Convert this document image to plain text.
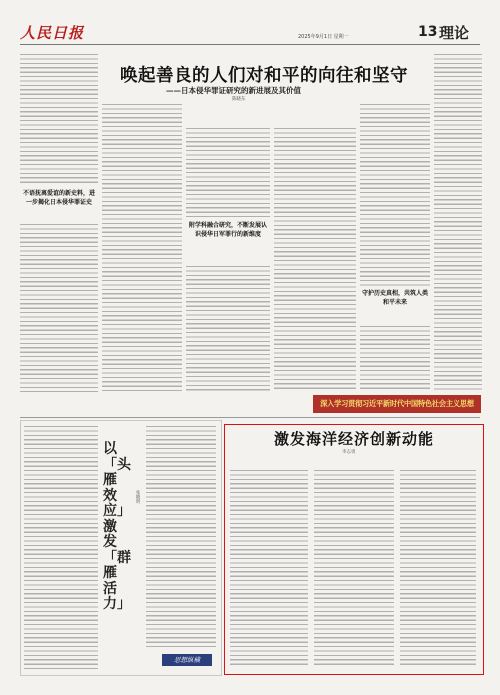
人民日报	2025年9月1日 星期一	13 理论
唤起善良的人们对和平的向往和坚守
——日本侵华罪证研究的新进展及其价值
陈晓东
不语抚离爱谊的新史料，进一步揭化日本侵华罪证史
附学科融合研究，不断发展认识侵华日军罪行的新维度
守护历史真相，共筑人类和平未来
深入学习贯彻习近平新时代中国特色社会主义思想
以「头雁效应」激发「群雁活力」
张晓明
思想纵横
激发海洋经济创新动能
李志勇
